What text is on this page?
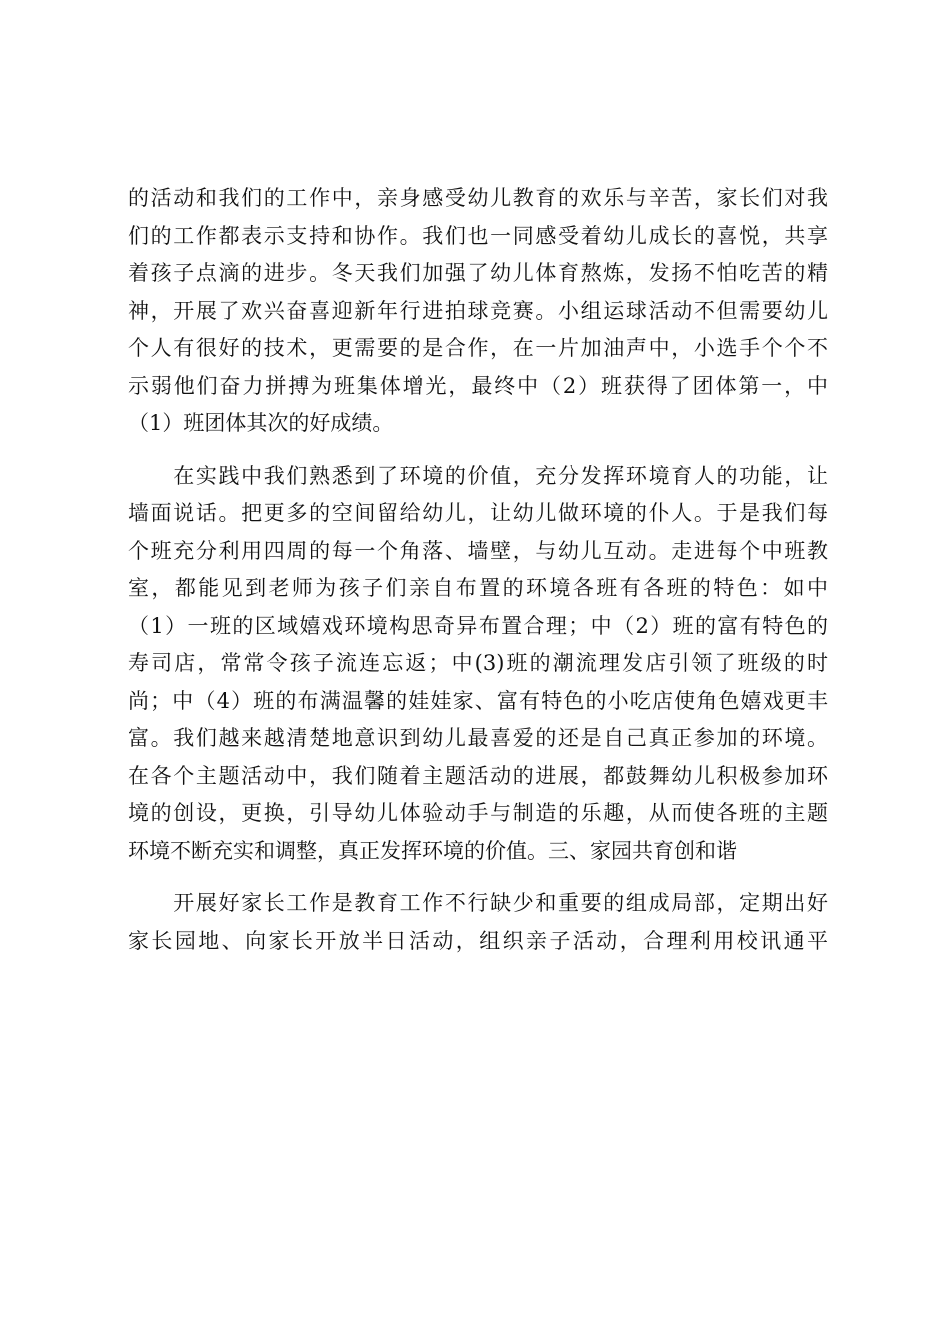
的活动和我们的工作中，亲身感受幼儿教育的欢乐与辛苦，家长们对我
们的工作都表示支持和协作。我们也一同感受着幼儿成长的喜悦，共享
着孩子点滴的进步。冬天我们加强了幼儿体育熬炼，发扬不怕吃苦的精
神，开展了欢兴奋喜迎新年行进拍球竞赛。小组运球活动不但需要幼儿
个人有很好的技术，更需要的是合作，在一片加油声中，小选手个个不
示弱他们奋力拼搏为班集体增光，最终中（2）班获得了团体第一，中
（1）班团体其次的好成绩。
　　在实践中我们熟悉到了环境的价值，充分发挥环境育人的功能，让
墙面说话。把更多的空间留给幼儿，让幼儿做环境的仆人。于是我们每
个班充分利用四周的每一个角落、墙壁，与幼儿互动。走进每个中班教
室，都能见到老师为孩子们亲自布置的环境各班有各班的特色：如中
（1）一班的区域嬉戏环境构思奇异布置合理；中（2）班的富有特色的
寿司店，常常令孩子流连忘返；中(3)班的潮流理发店引领了班级的时
尚；中（4）班的布满温馨的娃娃家、富有特色的小吃店使角色嬉戏更丰
富。我们越来越清楚地意识到幼儿最喜爱的还是自己真正参加的环境。
在各个主题活动中，我们随着主题活动的进展，都鼓舞幼儿积极参加环
境的创设，更换，引导幼儿体验动手与制造的乐趣，从而使各班的主题
环境不断充实和调整，真正发挥环境的价值。三、家园共育创和谐
　　开展好家长工作是教育工作不行缺少和重要的组成局部，定期出好
家长园地、向家长开放半日活动，组织亲子活动，合理利用校讯通平
